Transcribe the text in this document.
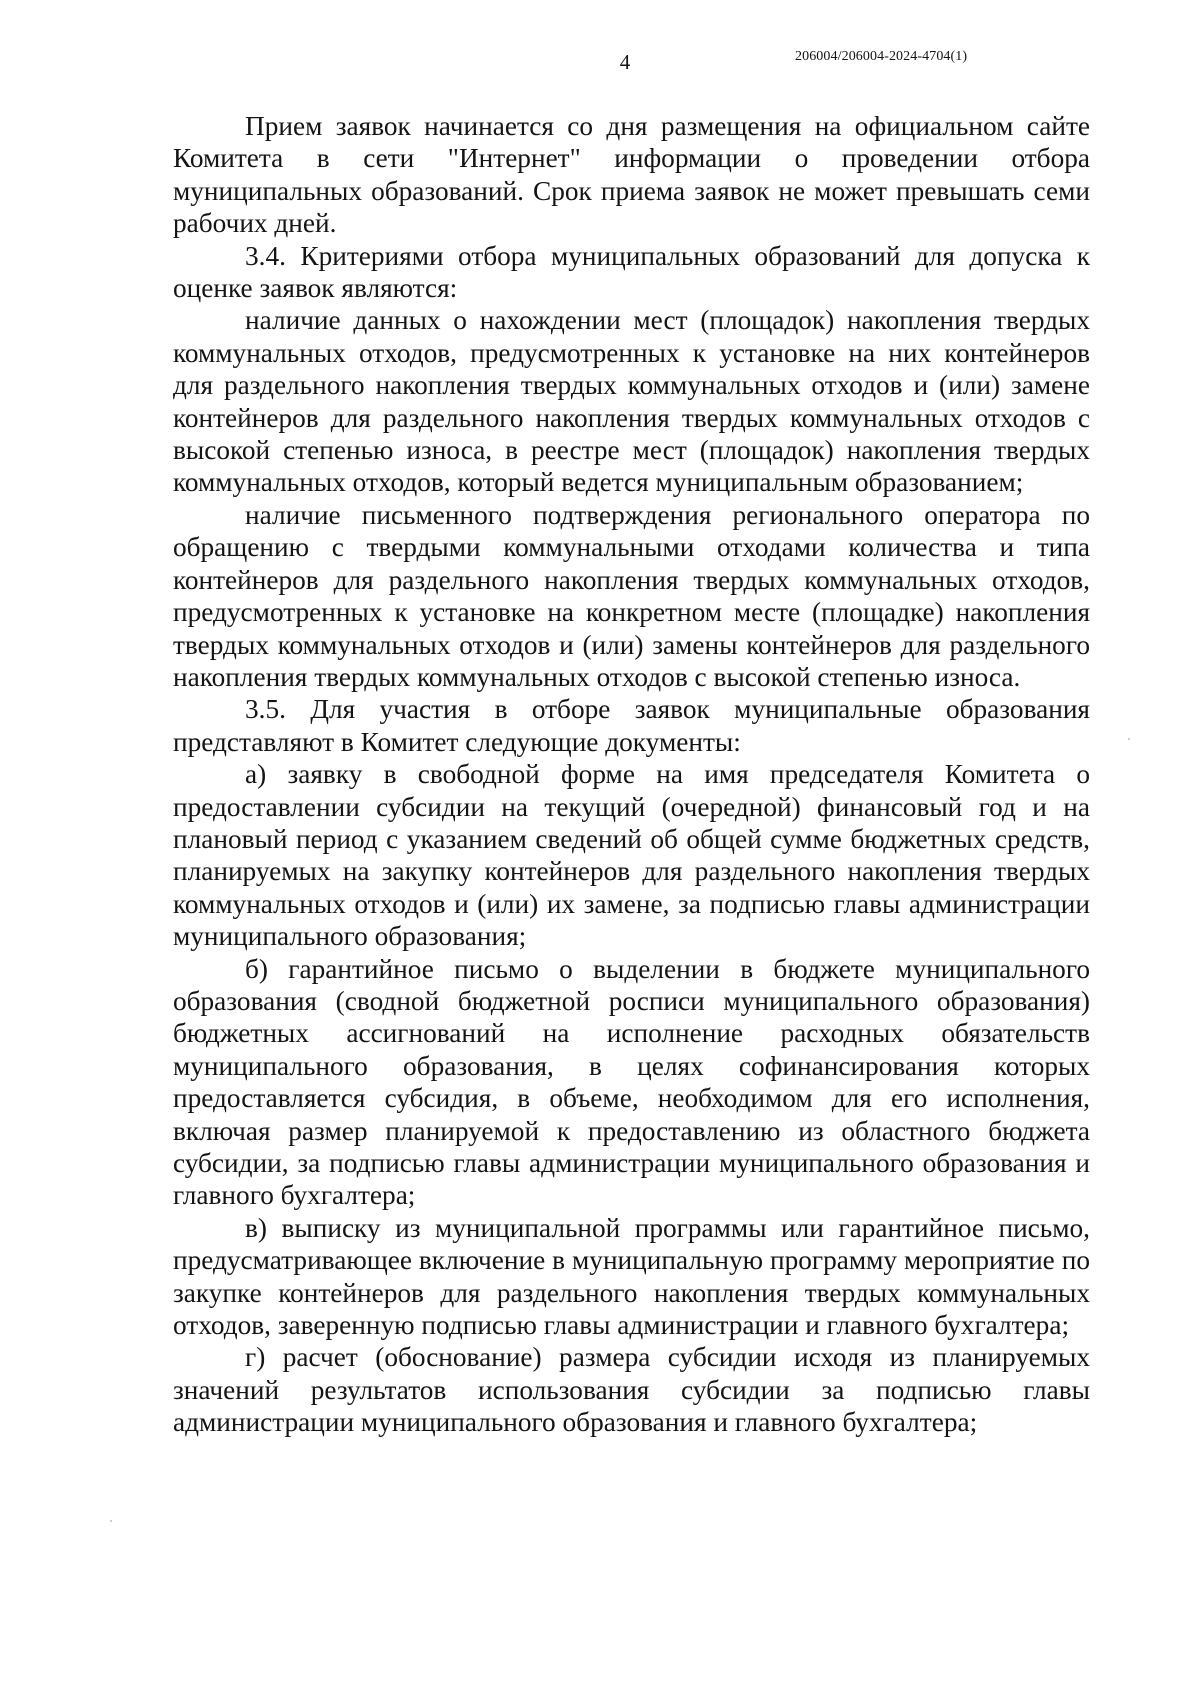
4	206004/206004-2024-4704(1)

Прием заявок начинается со дня размещения на официальном сайте Комитета в сети "Интернет" информации о проведении отбора муниципальных образований. Срок приема заявок не может превышать семи рабочих дней.

3.4. Критериями отбора муниципальных образований для допуска к оценке заявок являются:

наличие данных о нахождении мест (площадок) накопления твердых коммунальных отходов, предусмотренных к установке на них контейнеров для раздельного накопления твердых коммунальных отходов и (или) замене контейнеров для раздельного накопления твердых коммунальных отходов с высокой степенью износа, в реестре мест (площадок) накопления твердых коммунальных отходов, который ведется муниципальным образованием;

наличие письменного подтверждения регионального оператора по обращению с твердыми коммунальными отходами количества и типа контейнеров для раздельного накопления твердых коммунальных отходов, предусмотренных к установке на конкретном месте (площадке) накопления твердых коммунальных отходов и (или) замены контейнеров для раздельного накопления твердых коммунальных отходов с высокой степенью износа.

3.5. Для участия в отборе заявок муниципальные образования представляют в Комитет следующие документы:

а) заявку в свободной форме на имя председателя Комитета о предоставлении субсидии на текущий (очередной) финансовый год и на плановый период с указанием сведений об общей сумме бюджетных средств, планируемых на закупку контейнеров для раздельного накопления твердых коммунальных отходов и (или) их замене, за подписью главы администрации муниципального образования;

б) гарантийное письмо о выделении в бюджете муниципального образования (сводной бюджетной росписи муниципального образования) бюджетных ассигнований на исполнение расходных обязательств муниципального образования, в целях софинансирования которых предоставляется субсидия, в объеме, необходимом для его исполнения, включая размер планируемой к предоставлению из областного бюджета субсидии, за подписью главы администрации муниципального образования и главного бухгалтера;

в) выписку из муниципальной программы или гарантийное письмо, предусматривающее включение в муниципальную программу мероприятие по закупке контейнеров для раздельного накопления твердых коммунальных отходов, заверенную подписью главы администрации и главного бухгалтера;

г) расчет (обоснование) размера субсидии исходя из планируемых значений результатов использования субсидии за подписью главы администрации муниципального образования и главного бухгалтера;
